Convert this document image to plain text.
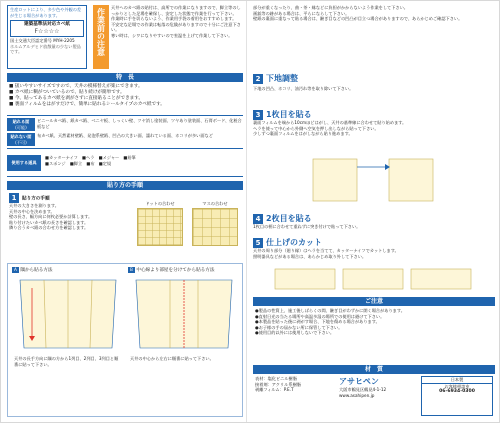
生産ロットにより、多少色や外観の差が生じる場合があります。
建築基準法対応カベ紙
F☆☆☆☆
国土交通大臣認定番号 MYH-2205
ホルムアルデヒド放散量の少ない製品です。	作業前の注意
天井へのカベ紙の貼付は、高所での作業になりますので、脚立等のしっかりとした足場を確保し、安定した状態で作業を行って下さい。
作業時に手を切らないよう、作業用手袋の着用をおすすめします。
不安定な足場での作業は転落の危険がありますので十分にご注意下さい。
寒い時は、シワになりやすいので室温を上げて作業して下さい。
特　長
■ 扱いやすいサイズですので、天井の模様替えが楽にできます。
■ カベ紙に糊がついているので、貼り続けが簡単です。
■ 今、貼ってあるカベ紙を剥がさずに直接貼ることができます。
■ 裏面フィルムをはがすだけで、簡単に貼れるシールタイプのカベ紙です。
貼れる面
(可能)
ビニールカベ紙、紙カベ紙、ベニヤ板、しっくい壁、ツヤ消し塗装面、ツヤあり塗装面、石膏ボード、化粧合板など
貼れない面
(不可)
布カベ紙、天然素材壁紙、発泡系壁紙、凹凸の大きい面、濡れている面、ホコリが多い面など
使用する道具
■カッターナイフ　■ヘラ　■メジャー　■鉛筆
■スポンジ　■脚立　■布　■定規
貼り方の手順
1 貼り方の手順
天井の大きさを測ります。
天井の中心を決めます。
壁の長さ、幅方向に何枚必要か計算します。
貼り付けたいカベ紙の長さを確認します。
隣り合うカベ紙の合わせ方を確認します。
ドットの合わせ	マスの合わせ
A 隅から貼る方法	B 中心線より部屋を分けてから貼る方法
天井の長手方向に隅の方から1列目、2列目、3列目と順番に貼って下さい。
天井の中心から左右に順番に貼って下さい。
部分が重くなったり、曲・茶・縁などに負担がかからないよう作業をして下さい。
画鋲等の跡がある場合は、平らにならして下さい。
壁紙の裏面に重なって貼る場合は、継ぎ目などの凹凸が目立つ場合がありますので、あらかじめご確認下さい。
2 下地調整
下地の凹凸、ホコリ、油汚れ等を取り除いて下さい。
3 1枚目を貼る
裏面フィルムを端から10cmほどはがし、天井の基準線に合わせて貼り始めます。
ヘラを使って中心から外側へ空気を押し出しながら貼って下さい。
少しずつ裏面フィルムをはがしながら貼り進めます。
4 2枚目を貼る
1枚目の柄に合わせて重ねずに突き付けで貼って下さい。
5 仕上げのカット
天井の周り部分（廻り縁）はヘラを当てて、カッターナイフでカットします。
照明器具などがある場合は、あらかじめ取り外して下さい。
ご注意
●製品の性質上、施工後しばらくの間、継ぎ目がわずかに開く場合があります。
●直射日光の当たる場所や高温多湿の場所での使用は避けて下さい。
●本製品を貼った後に剥がす場合、下地を傷める場合があります。
●お子様の手の届かない所に保管して下さい。
●使用目的以外には使用しないで下さい。
材　質
表材：塩化ビニル樹脂
接着剤：アクリル系樹脂
剥離フィルム：P.E.T
アサヒペン
大阪市鶴見区鶴見4-1-12
www.asahipen.jp
日本製
お客様相談室
06-6934-0300
